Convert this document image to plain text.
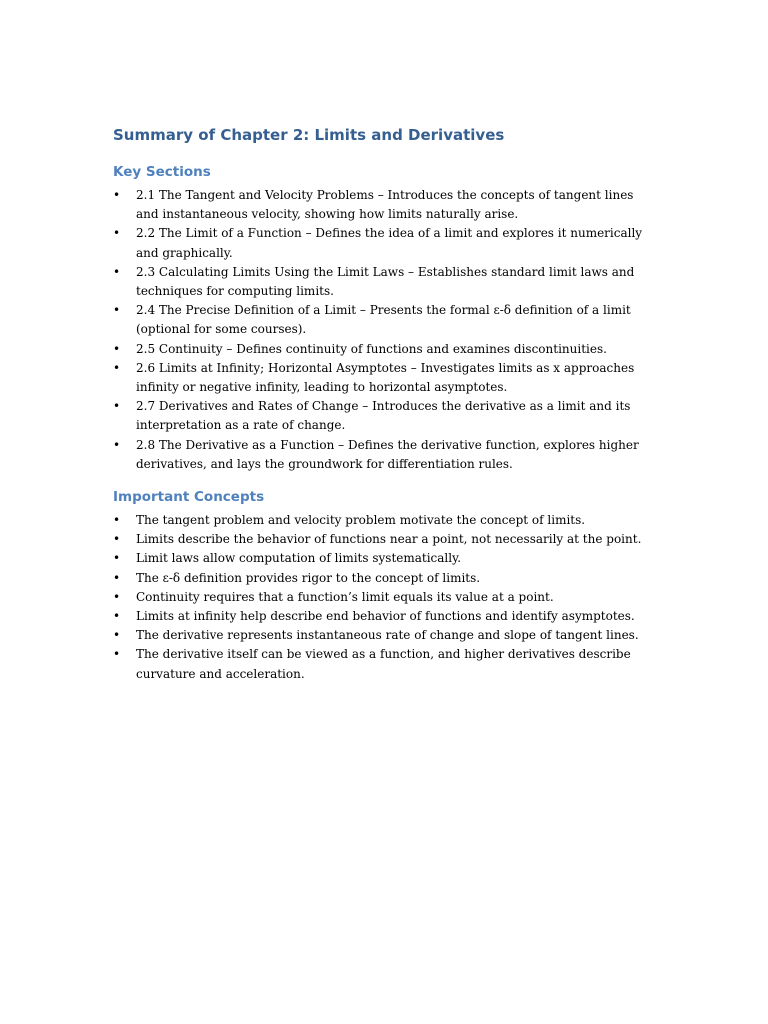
Summary of Chapter 2: Limits and Derivatives
Key Sections
• 2.1 The Tangent and Velocity Problems – Introduces the concepts of tangent lines and instantaneous velocity, showing how limits naturally arise.
• 2.2 The Limit of a Function – Defines the idea of a limit and explores it numerically and graphically.
• 2.3 Calculating Limits Using the Limit Laws – Establishes standard limit laws and techniques for computing limits.
• 2.4 The Precise Definition of a Limit – Presents the formal ε-δ definition of a limit (optional for some courses).
• 2.5 Continuity – Defines continuity of functions and examines discontinuities.
• 2.6 Limits at Infinity; Horizontal Asymptotes – Investigates limits as x approaches infinity or negative infinity, leading to horizontal asymptotes.
• 2.7 Derivatives and Rates of Change – Introduces the derivative as a limit and its interpretation as a rate of change.
• 2.8 The Derivative as a Function – Defines the derivative function, explores higher derivatives, and lays the groundwork for differentiation rules.
Important Concepts
• The tangent problem and velocity problem motivate the concept of limits.
• Limits describe the behavior of functions near a point, not necessarily at the point.
• Limit laws allow computation of limits systematically.
• The ε-δ definition provides rigor to the concept of limits.
• Continuity requires that a function’s limit equals its value at a point.
• Limits at infinity help describe end behavior of functions and identify asymptotes.
• The derivative represents instantaneous rate of change and slope of tangent lines.
• The derivative itself can be viewed as a function, and higher derivatives describe curvature and acceleration.
